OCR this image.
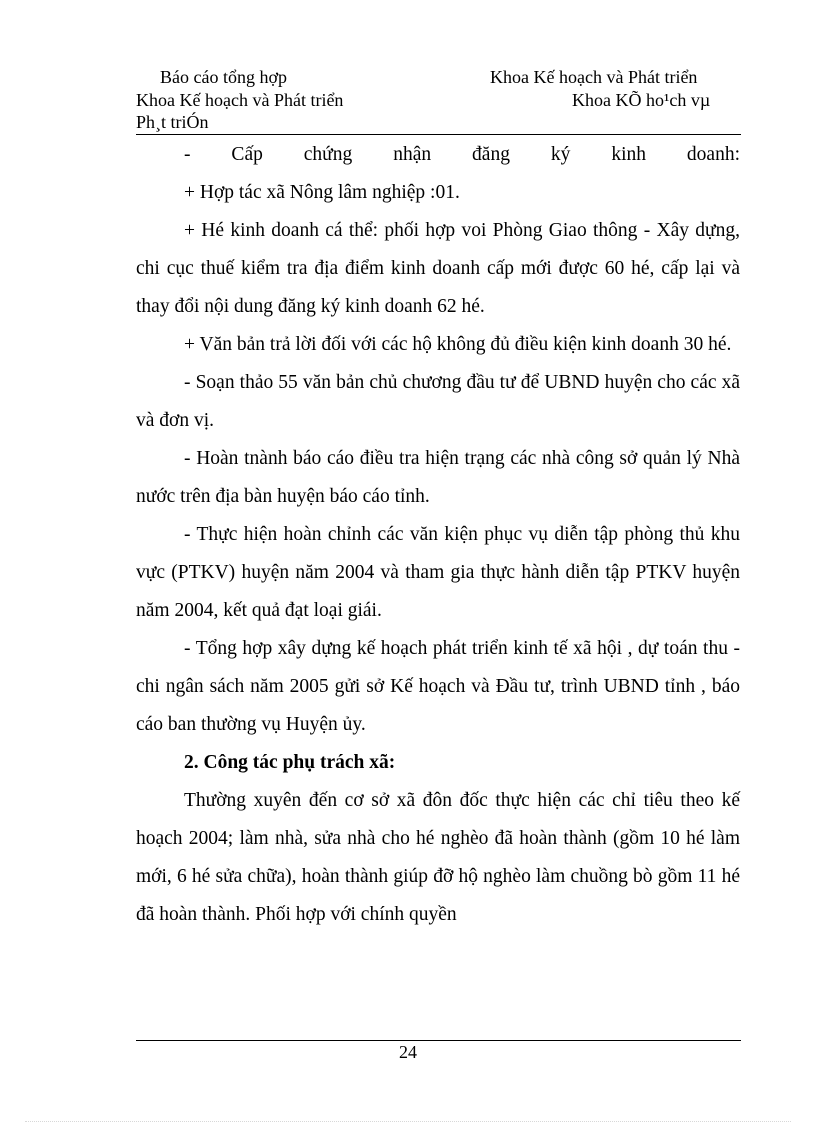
Báo cáo tổng hợp	Khoa Kế hoạch và Phát triển
Khoa Kế hoạch và Phát triển	Khoa KÕ ho¹ch vµ
Ph¸t triÓn

- Cấp chứng nhận đăng ký kinh doanh:

+ Hợp tác xã Nông lâm nghiệp :01.

+ Hé kinh doanh cá thể: phối hợp voi Phòng Giao thông - Xây dựng, chi cục thuế kiểm tra địa điểm kinh doanh cấp mới được 60 hé, cấp lại và thay đổi nội dung đăng ký kinh doanh 62 hé.

+ Văn bản trả lời đối với các hộ không đủ điều kiện kinh doanh 30 hé.

- Soạn thảo 55 văn bản chủ chương đầu tư để UBND huyện cho các xã và đơn vị.

- Hoàn tnành báo cáo điều tra hiện trạng các nhà công sở quản lý Nhà nước trên địa bàn huyện báo cáo tỉnh.

- Thực hiện hoàn chỉnh các văn kiện phục vụ diễn tập phòng thủ khu vực (PTKV) huyện năm 2004 và tham gia thực hành diễn tập PTKV huyện năm 2004, kết quả đạt loại giái.

- Tổng hợp xây dựng kế hoạch phát triển kinh tế xã hội , dự toán thu - chi ngân sách năm 2005 gửi sở Kế hoạch và Đầu tư, trình UBND tỉnh , báo cáo ban thường vụ Huyện ủy.

2. Công tác phụ trách xã:

Thường xuyên đến cơ sở xã đôn đốc thực hiện các chỉ tiêu theo kế hoạch 2004; làm nhà, sửa nhà cho hé nghèo đã hoàn thành (gồm 10 hé làm mới, 6 hé sửa chữa), hoàn thành giúp đỡ hộ nghèo làm chuồng bò gồm 11 hé đã hoàn thành. Phối hợp với chính quyền

24
